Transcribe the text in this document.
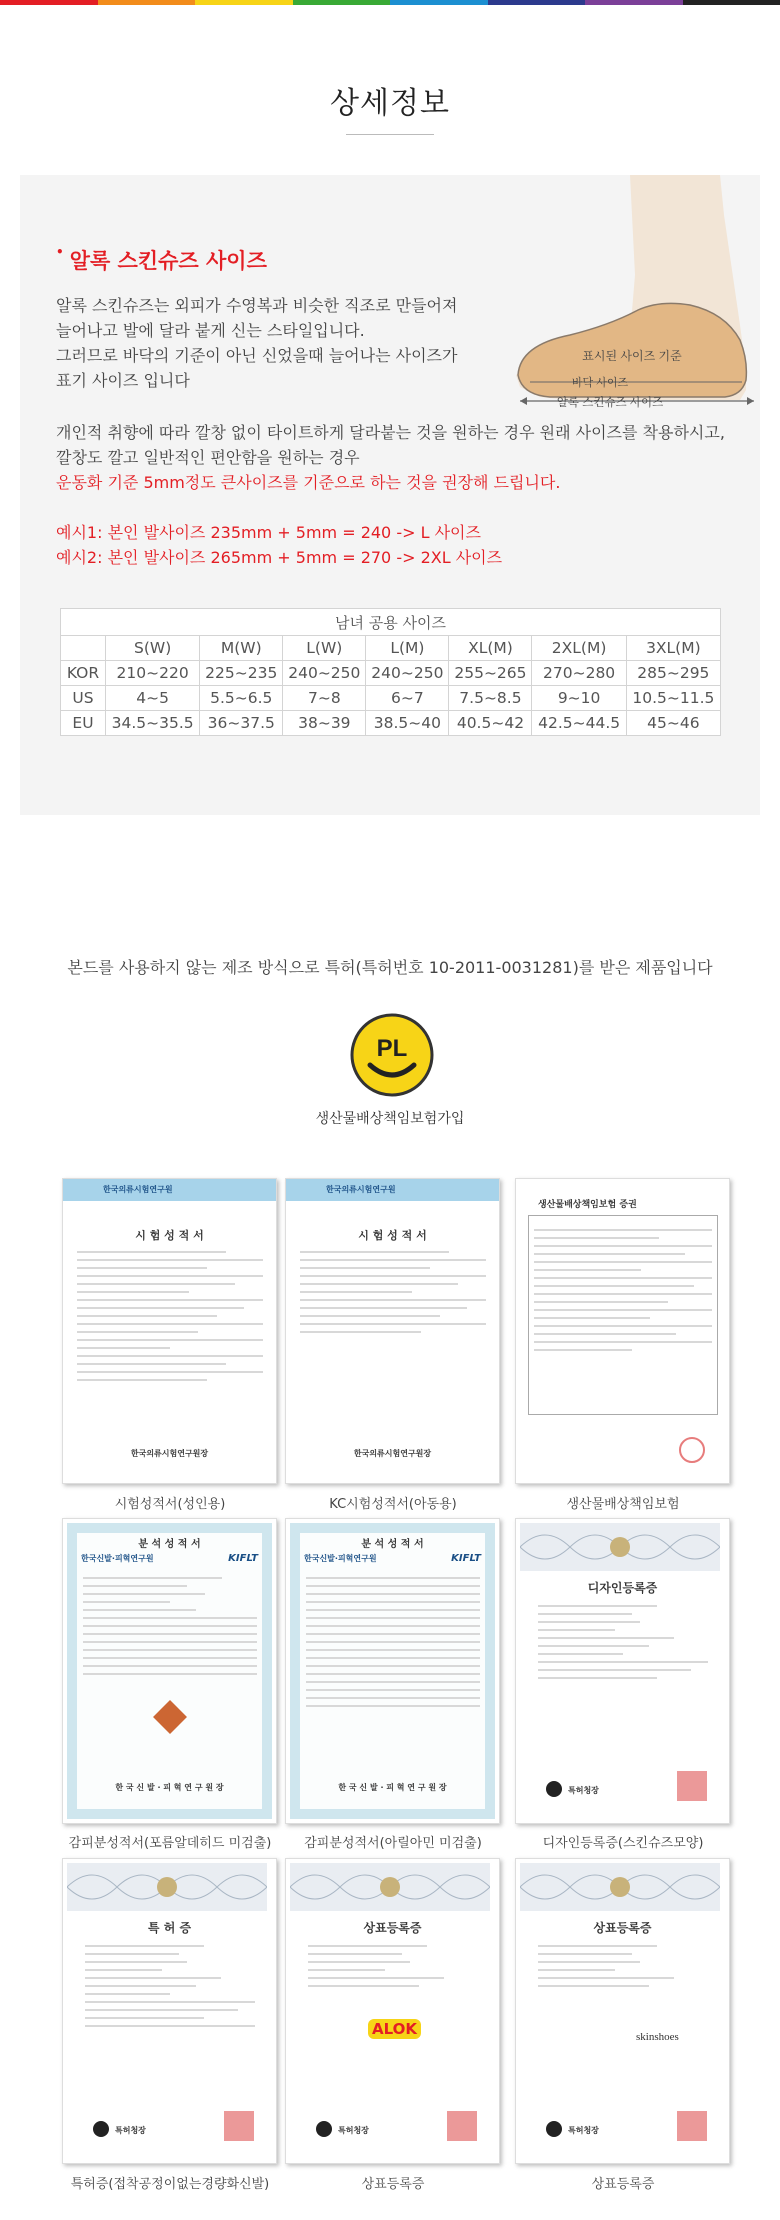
상세정보
표시된 사이즈 기준
바닥 사이즈
알록 스킨슈즈 사이즈
• 알록 스킨슈즈 사이즈
알록 스킨슈즈는 외피가 수영복과 비슷한 직조로 만들어져
늘어나고 발에 달라 붙게 신는 스타일입니다.
그러므로 바닥의 기준이 아닌 신었을때 늘어나는 사이즈가
표기 사이즈 입니다
개인적 취향에 따라 깔창 없이 타이트하게 달라붙는 것을 원하는 경우 원래 사이즈를 착용하시고,
깔창도 깔고 일반적인 편안함을 원하는 경우
운동화 기준 5mm정도 큰사이즈를 기준으로 하는 것을 권장해 드립니다.
예시1: 본인 발사이즈 235mm + 5mm = 240 -> L 사이즈
예시2: 본인 발사이즈 265mm + 5mm = 270 -> 2XL 사이즈
남녀 공용 사이즈							
	S(W)	M(W)	L(W)	L(M)	XL(M)	2XL(M)	3XL(M)
KOR	210~220	225~235	240~250	240~250	255~265	270~280	285~295
US	4~5	5.5~6.5	7~8	6~7	7.5~8.5	9~10	10.5~11.5
EU	34.5~35.5	36~37.5	38~39	38.5~40	40.5~42	42.5~44.5	45~46
본드를 사용하지 않는 제조 방식으로 특허(특허번호 10-2011-0031281)를 받은 제품입니다
PL
생산물배상책임보험가입
한국의류시험연구원
시 험 성 적 서
한국의류시험연구원장
시험성적서(성인용)
한국의류시험연구원
시 험 성 적 서
한국의류시험연구원장
KC시험성적서(아동용)
생산물배상책임보험 증권
생산물배상책임보험
분 석 성 적 서
한국신발·피혁연구원	KIFLT
한 국 신 발 · 피 혁 연 구 원 장
감피분성적서(포름알데히드 미검출)
분 석 성 적 서
한국신발·피혁연구원	KIFLT
한 국 신 발 · 피 혁 연 구 원 장
감피분성적서(아릴아민 미검출)
디자인등록증
특허청장
디자인등록증(스킨슈즈모양)
특 허 증
특허청장
특허증(접착공정이없는경량화신발)
상표등록증
ALOK
특허청장
상표등록증
상표등록증
skinshoes
특허청장
상표등록증
